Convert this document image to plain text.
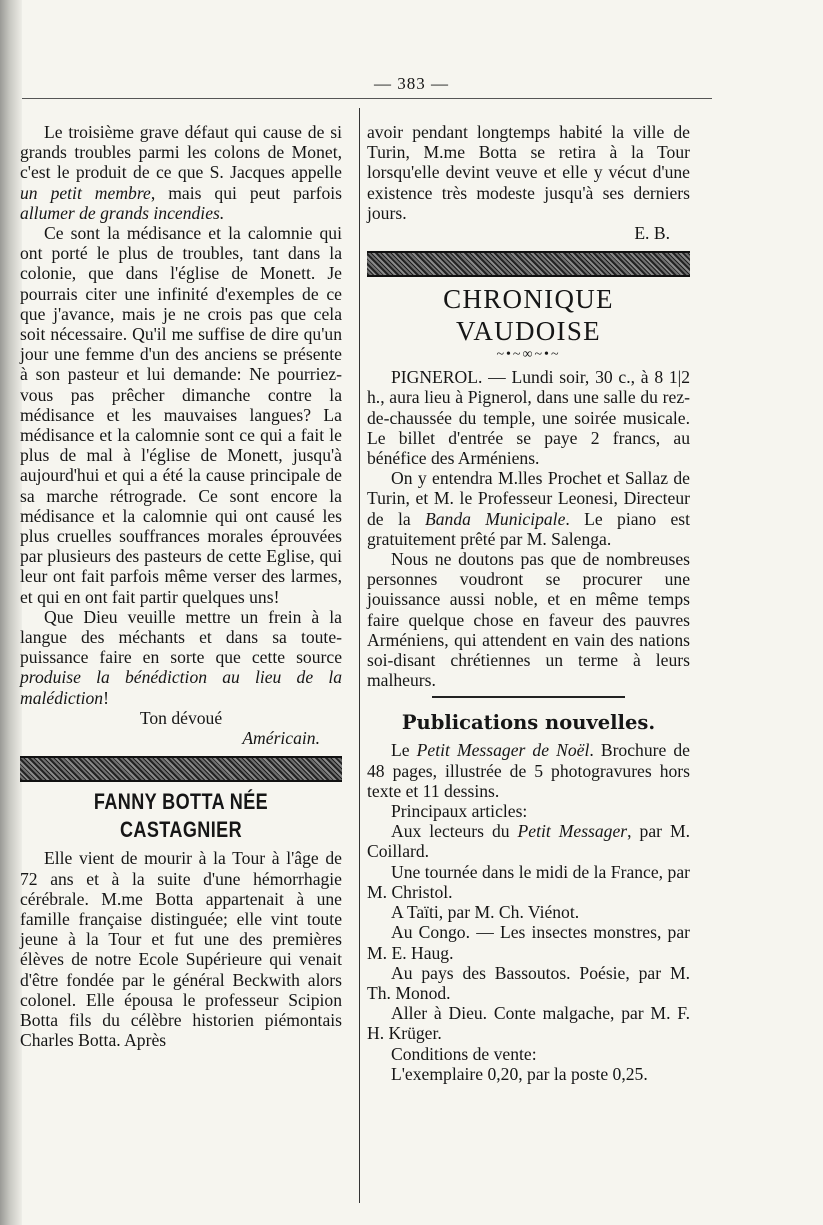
— 383 —

Le troisième grave défaut qui cause de si grands troubles parmi les colons de Monet, c'est le produit de ce que S. Jacques appelle un petit membre, mais qui peut parfois allumer de grands incendies.

Ce sont la médisance et la calomnie qui ont porté le plus de troubles, tant dans la colonie, que dans l'église de Monett. Je pourrais citer une infinité d'exemples de ce que j'avance, mais je ne crois pas que cela soit nécessaire. Qu'il me suffise de dire qu'un jour une femme d'un des anciens se présente à son pasteur et lui demande: Ne pourriez-vous pas prêcher dimanche contre la médisance et les mauvaises langues? La médisance et la calomnie sont ce qui a fait le plus de mal à l'église de Monett, jusqu'à aujourd'hui et qui a été la cause principale de sa marche rétrograde. Ce sont encore la médisance et la calomnie qui ont causé les plus cruelles souffrances morales éprouvées par plusieurs des pasteurs de cette Eglise, qui leur ont fait parfois même verser des larmes, et qui en ont fait partir quelques uns!

Que Dieu veuille mettre un frein à la langue des méchants et dans sa toute-puissance faire en sorte que cette source produise la bénédiction au lieu de la malédiction!

Ton dévoué

Américain.

FANNY BOTTA NÉE CASTAGNIER

Elle vient de mourir à la Tour à l'âge de 72 ans et à la suite d'une hémorrhagie cérébrale. M.me Botta appartenait à une famille française distinguée; elle vint toute jeune à la Tour et fut une des premières élèves de notre Ecole Supérieure qui venait d'être fondée par le général Beckwith alors colonel. Elle épousa le professeur Scipion Botta fils du célèbre historien piémontais Charles Botta. Après

avoir pendant longtemps habité la ville de Turin, M.me Botta se retira à la Tour lorsqu'elle devint veuve et elle y vécut d'une existence très modeste jusqu'à ses derniers jours.

E. B.

CHRONIQUE VAUDOISE
~•~∞~•~

PIGNEROL. — Lundi soir, 30 c., à 8 1|2 h., aura lieu à Pignerol, dans une salle du rez-de-chaussée du temple, une soirée musicale. Le billet d'entrée se paye 2 francs, au bénéfice des Arméniens.

On y entendra M.lles Prochet et Sallaz de Turin, et M. le Professeur Leonesi, Directeur de la Banda Municipale. Le piano est gratuitement prêté par M. Salenga.

Nous ne doutons pas que de nombreuses personnes voudront se procurer une jouissance aussi noble, et en même temps faire quelque chose en faveur des pauvres Arméniens, qui attendent en vain des nations soi-disant chrétiennes un terme à leurs malheurs.

Publications nouvelles.

Le Petit Messager de Noël. Brochure de 48 pages, illustrée de 5 photogravures hors texte et 11 dessins.

Principaux articles:

Aux lecteurs du Petit Messager, par M. Coillard.

Une tournée dans le midi de la France, par M. Christol.

A Taïti, par M. Ch. Viénot.

Au Congo. — Les insectes monstres, par M. E. Haug.

Au pays des Bassoutos. Poésie, par M. Th. Monod.

Aller à Dieu. Conte malgache, par M. F. H. Krüger.

Conditions de vente:

L'exemplaire 0,20, par la poste 0,25.
